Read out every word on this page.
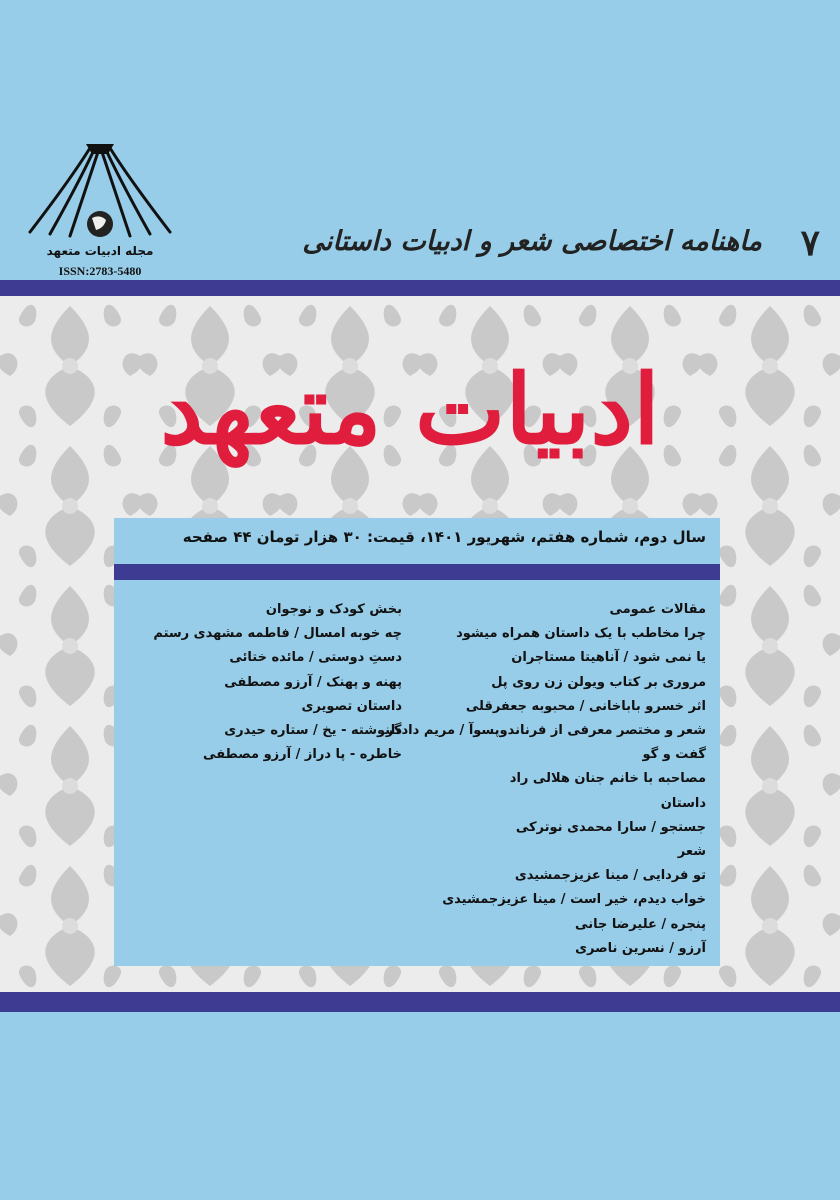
مجله ادبیات متعهد
ISSN:2783-5480
۷
ماهنامه اختصاصی شعر و ادبیات داستانی
ادبیات متعهد
سال دوم، شماره هفتم، شهریور ۱۴۰۱، قیمت: ۳۰ هزار تومان ۴۴ صفحه
مقالات عمومی
چرا مخاطب با یک داستان همراه میشود
یا نمی شود / آناهیتا مستاجران
مروری بر کتاب ویولن زن روی پل
اثر خسرو باباخانی / محبوبه جعفرقلی
شعر و مختصر معرفی از فرناندوپسوآ / مریم دادگر
گفت و گو
مصاحبه با خانم جنان هلالی راد
داستان
جستجو / سارا محمدی نوترکی
شعر
تو فردایی / مینا عزیزجمشیدی
خواب دیدم، خیر است / مینا عزیزجمشیدی
پنجره / علیرضا جانی
آرزو / نسرین ناصری
بخش کودک و نوجوان
چه خوبه امسال / فاطمه مشهدی رستم
دستِ دوستی / مائده ختائی
پهنه و پهنک / آرزو مصطفی
داستان تصویری
دلنوشته - یخ / ستاره حیدری
خاطره - پا دراز / آرزو مصطفی
